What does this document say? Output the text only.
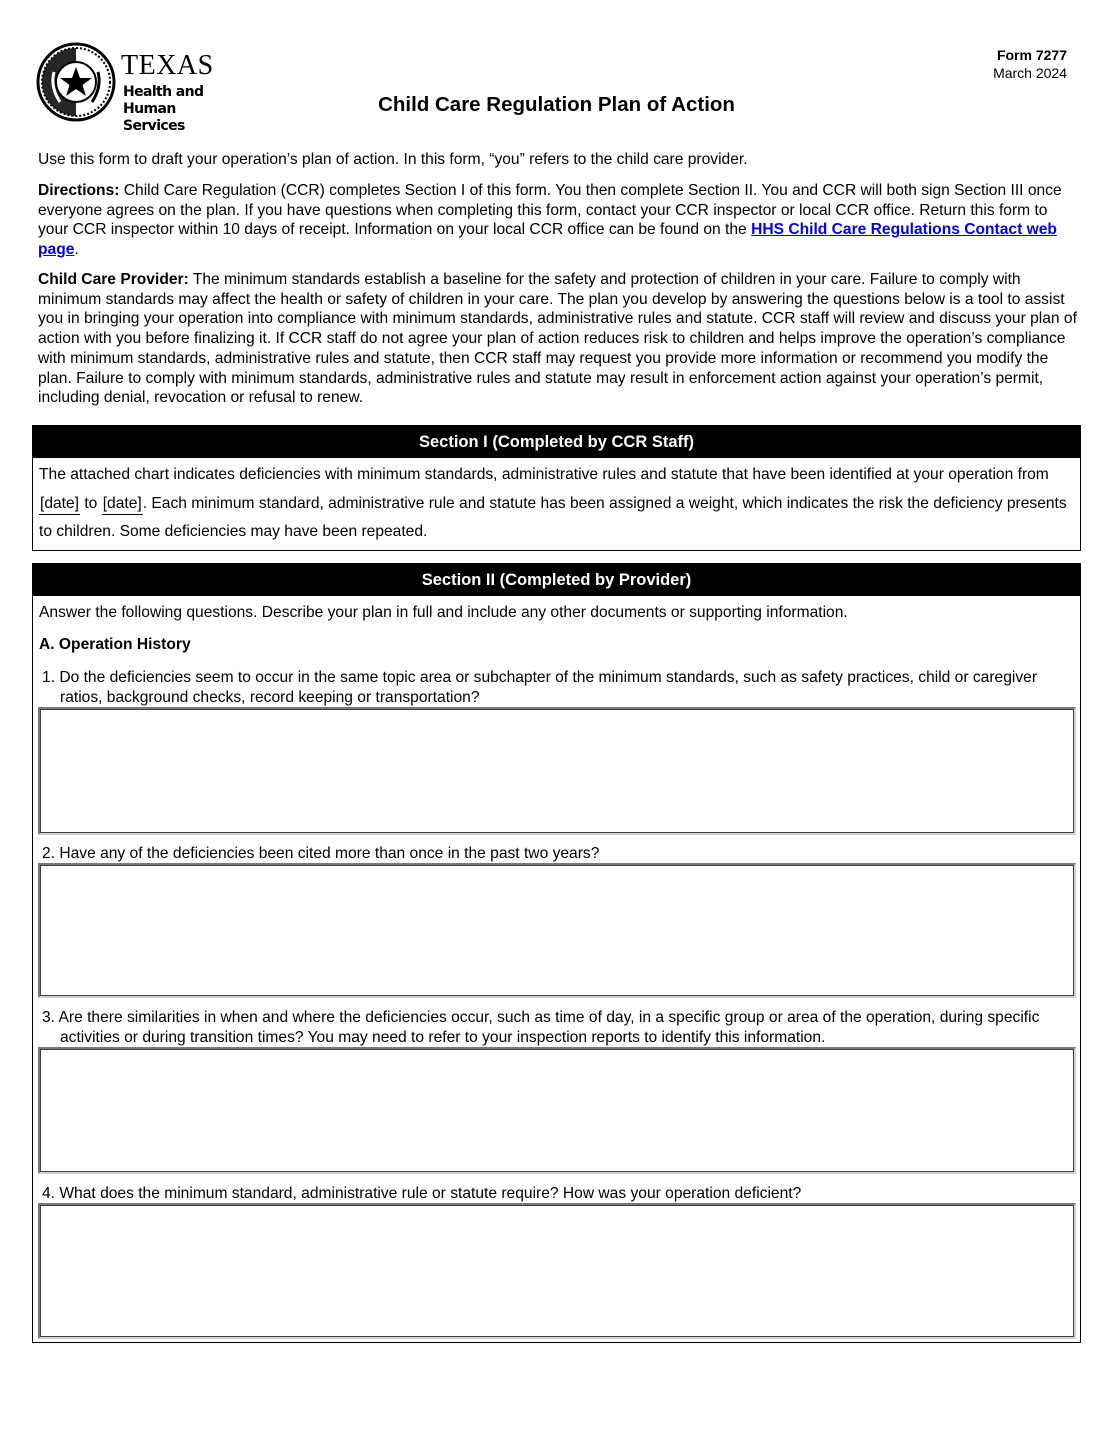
TEXAS
Health and Human
Services
Form 7277
March 2024
Child Care Regulation Plan of Action

Use this form to draft your operation’s plan of action. In this form, “you” refers to the child care provider.

Directions: Child Care Regulation (CCR) completes Section I of this form. You then complete Section II. You and CCR will both sign Section III once everyone agrees on the plan. If you have questions when completing this form, contact your CCR inspector or local CCR office. Return this form to your CCR inspector within 10 days of receipt. Information on your local CCR office can be found on the HHS Child Care Regulations Contact web page.

Child Care Provider: The minimum standards establish a baseline for the safety and protection of children in your care. Failure to comply with minimum standards may affect the health or safety of children in your care. The plan you develop by answering the questions below is a tool to assist you in bringing your operation into compliance with minimum standards, administrative rules and statute. CCR staff will review and discuss your plan of action with you before finalizing it. If CCR staff do not agree your plan of action reduces risk to children and helps improve the operation’s compliance with minimum standards, administrative rules and statute, then CCR staff may request you provide more information or recommend you modify the plan. Failure to comply with minimum standards, administrative rules and statute may result in enforcement action against your operation’s permit, including denial, revocation or refusal to renew.

Section I (Completed by CCR Staff)
The attached chart indicates deficiencies with minimum standards, administrative rules and statute that have been identified at your operation from [date] to [date]. Each minimum standard, administrative rule and statute has been assigned a weight, which indicates the risk the deficiency presents to children. Some deficiencies may have been repeated.
Section II (Completed by Provider)
Answer the following questions. Describe your plan in full and include any other documents or supporting information.
A. Operation History
1. Do the deficiencies seem to occur in the same topic area or subchapter of the minimum standards, such as safety practices, child or caregiver ratios, background checks, record keeping or transportation?
2. Have any of the deficiencies been cited more than once in the past two years?
3. Are there similarities in when and where the deficiencies occur, such as time of day, in a specific group or area of the operation, during specific activities or during transition times? You may need to refer to your inspection reports to identify this information.
4. What does the minimum standard, administrative rule or statute require? How was your operation deficient?
